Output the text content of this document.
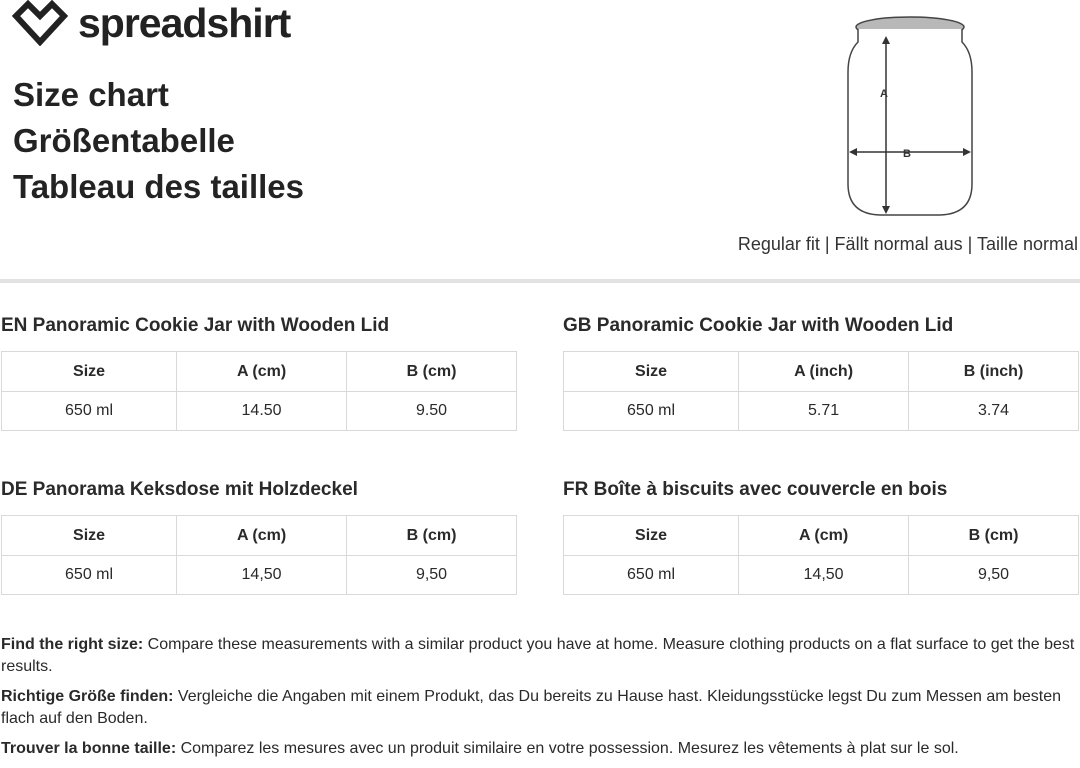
spreadshirt
Size chart
Größentabelle
Tableau des tailles
A
B
Regular fit | Fällt normal aus | Taille normal
EN Panoramic Cookie Jar with Wooden Lid
Size	A (cm)	B (cm)
650 ml	14.50	9.50
GB Panoramic Cookie Jar with Wooden Lid
Size	A (inch)	B (inch)
650 ml	5.71	3.74
DE Panorama Keksdose mit Holzdeckel
Size	A (cm)	B (cm)
650 ml	14,50	9,50
FR Boîte à biscuits avec couvercle en bois
Size	A (cm)	B (cm)
650 ml	14,50	9,50

Find the right size: Compare these measurements with a similar product you have at home. Measure clothing products on a flat surface to get the best results.

Richtige Größe finden: Vergleiche die Angaben mit einem Produkt, das Du bereits zu Hause hast. Kleidungsstücke legst Du zum Messen am besten flach auf den Boden.

Trouver la bonne taille: Comparez les mesures avec un produit similaire en votre possession. Mesurez les vêtements à plat sur le sol.
